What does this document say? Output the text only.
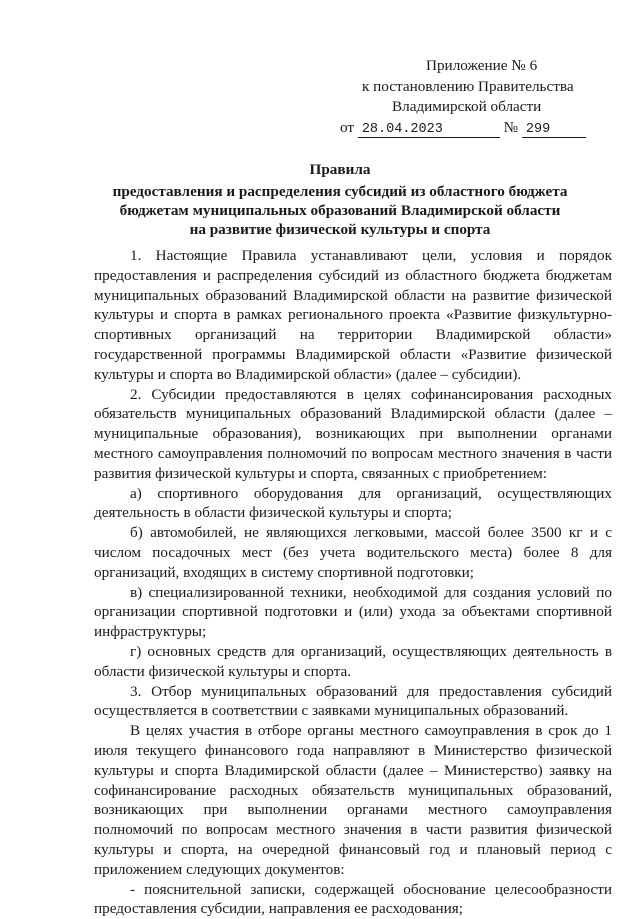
Приложение № 6
к постановлению Правительства
Владимирской области
от 28.04.2023	№ 299
Правила
предоставления и распределения субсидий из областного бюджета
бюджетам муниципальных образований Владимирской области
на развитие физической культуры и спорта

1. Настоящие Правила устанавливают цели, условия и порядок предоставления и распределения субсидий из областного бюджета бюджетам муниципальных образований Владимирской области на развитие физической культуры и спорта в рамках регионального проекта «Развитие физкультурно-спортивных организаций на территории Владимирской области» государственной программы Владимирской области «Развитие физической культуры и спорта во Владимирской области» (далее – субсидии).

2. Субсидии предоставляются в целях софинансирования расходных обязательств муниципальных образований Владимирской области (далее – муниципальные образования), возникающих при выполнении органами местного самоуправления полномочий по вопросам местного значения в части развития физической культуры и спорта, связанных с приобретением:

а) спортивного оборудования для организаций, осуществляющих деятельность в области физической культуры и спорта;

б) автомобилей, не являющихся легковыми, массой более 3500 кг и с числом посадочных мест (без учета водительского места) более 8 для организаций, входящих в систему спортивной подготовки;

в) специализированной техники, необходимой для создания условий по организации спортивной подготовки и (или) ухода за объектами спортивной инфраструктуры;

г) основных средств для организаций, осуществляющих деятельность в области физической культуры и спорта.

3. Отбор муниципальных образований для предоставления субсидий осуществляется в соответствии с заявками муниципальных образований.

В целях участия в отборе органы местного самоуправления в срок до 1 июля текущего финансового года направляют в Министерство физической культуры и спорта Владимирской области (далее – Министерство) заявку на софинансирование расходных обязательств муниципальных образований, возникающих при выполнении органами местного самоуправления полномочий по вопросам местного значения в части развития физической культуры и спорта, на очередной финансовый год и плановый период с приложением следующих документов:

- пояснительной записки, содержащей обоснование целесообразности предоставления субсидии, направления ее расходования;
